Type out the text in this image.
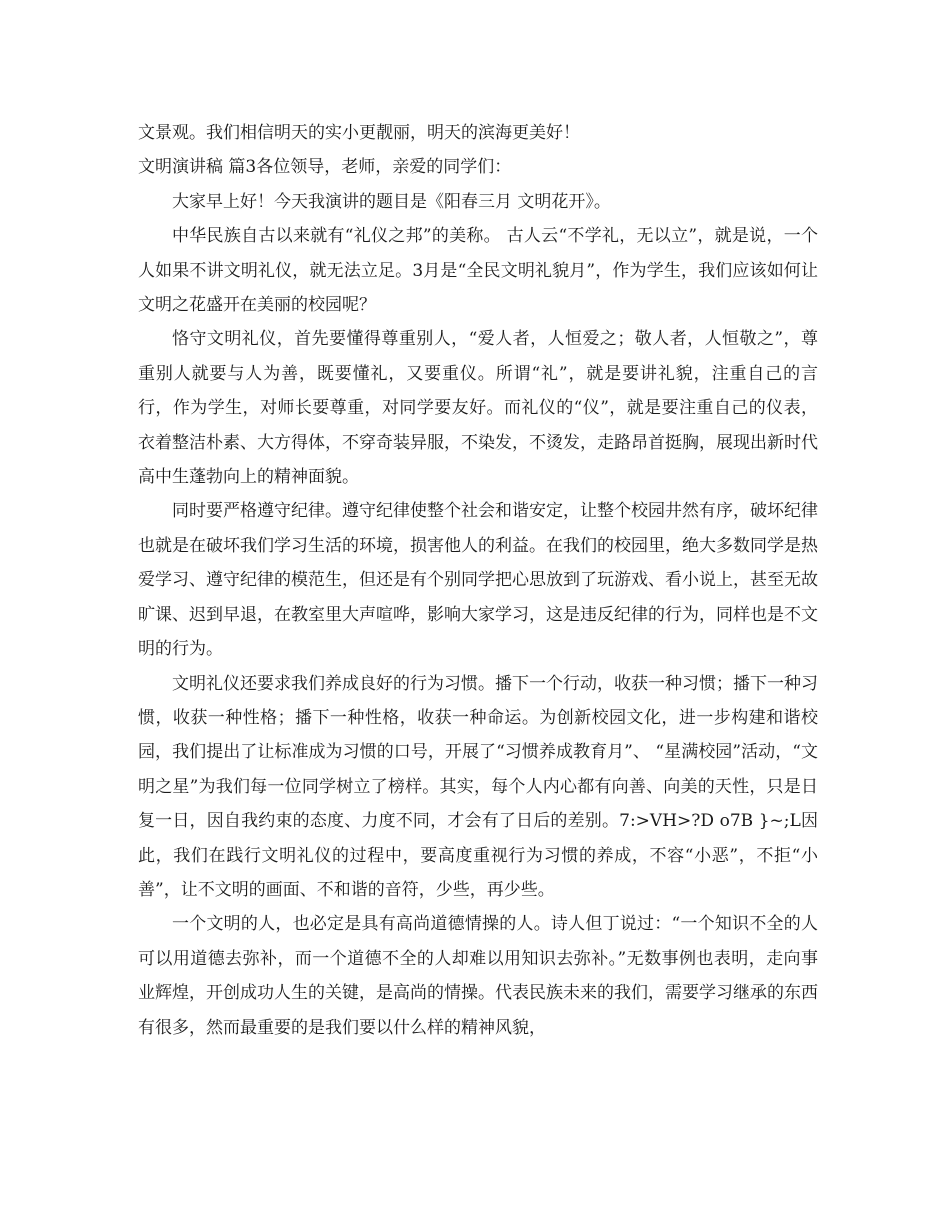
文景观。我们相信明天的实小更靓丽，明天的滨海更美好！

文明演讲稿 篇3各位领导，老师，亲爱的同学们：

大家早上好！今天我演讲的题目是《阳春三月 文明花开》。

中华民族自古以来就有“礼仪之邦”的美称。 古人云“不学礼，无以立”，就是说，一个人如果不讲文明礼仪，就无法立足。3月是“全民文明礼貌月”，作为学生，我们应该如何让文明之花盛开在美丽的校园呢？

恪守文明礼仪，首先要懂得尊重别人，“爱人者，人恒爱之；敬人者，人恒敬之”，尊重别人就要与人为善，既要懂礼，又要重仪。所谓“礼”，就是要讲礼貌，注重自己的言行，作为学生，对师长要尊重，对同学要友好。而礼仪的“仪”，就是要注重自己的仪表，衣着整洁朴素、大方得体，不穿奇装异服，不染发，不烫发，走路昂首挺胸，展现出新时代高中生蓬勃向上的精神面貌。

同时要严格遵守纪律。遵守纪律使整个社会和谐安定，让整个校园井然有序，破坏纪律也就是在破坏我们学习生活的环境，损害他人的利益。在我们的校园里，绝大多数同学是热爱学习、遵守纪律的模范生，但还是有个别同学把心思放到了玩游戏、看小说上，甚至无故旷课、迟到早退，在教室里大声喧哗，影响大家学习，这是违反纪律的行为，同样也是不文明的行为。

文明礼仪还要求我们养成良好的行为习惯。播下一个行动，收获一种习惯；播下一种习惯，收获一种性格；播下一种性格，收获一种命运。为创新校园文化，进一步构建和谐校园，我们提出了让标准成为习惯的口号，开展了“习惯养成教育月”、 “星满校园”活动，“文明之星”为我们每一位同学树立了榜样。其实，每个人内心都有向善、向美的天性，只是日复一日，因自我约束的态度、力度不同，才会有了日后的差别。7:>VH>?D o7B }~;L因此，我们在践行文明礼仪的过程中，要高度重视行为习惯的养成，不容“小恶”，不拒“小善”，让不文明的画面、不和谐的音符，少些，再少些。

一个文明的人，也必定是具有高尚道德情操的人。诗人但丁说过：“一个知识不全的人可以用道德去弥补，而一个道德不全的人却难以用知识去弥补。”无数事例也表明，走向事业辉煌，开创成功人生的关键，是高尚的情操。代表民族未来的我们，需要学习继承的东西有很多，然而最重要的是我们要以什么样的精神风貌，
